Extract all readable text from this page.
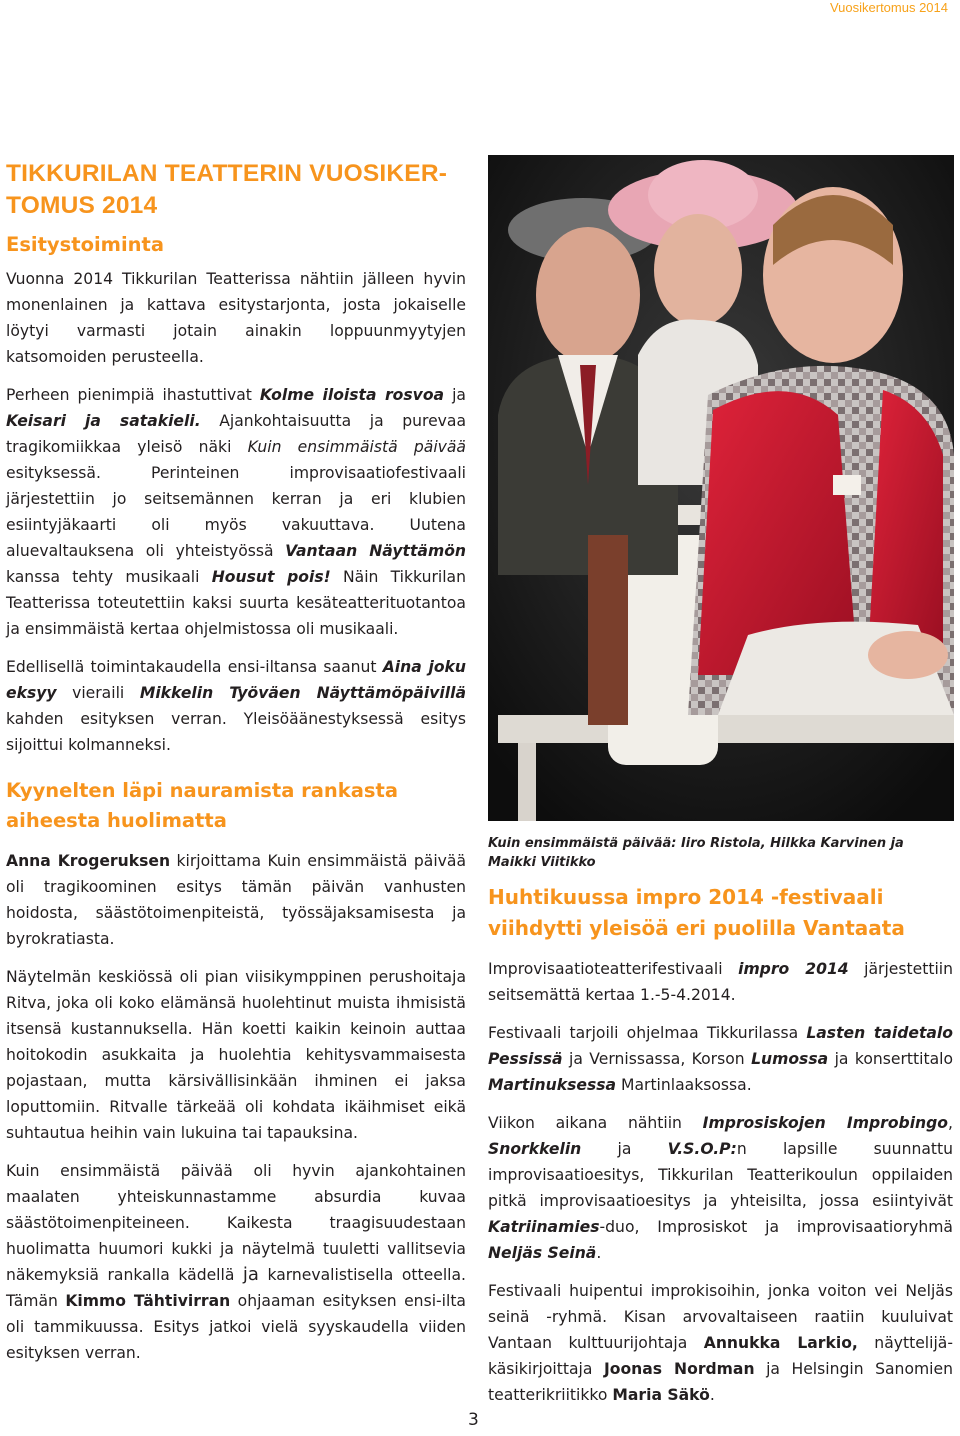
Vuosikertomus 2014
TIKKURILAN TEATTERIN VUOSIKER-
TOMUS 2014
Esitystoiminta

Vuonna 2014 Tikkurilan Teatterissa nähtiin jälleen hyvin monenlainen ja kattava esitystarjonta, josta jokaiselle löytyi varmasti jotain ainakin loppuunmyytyjen katsomoiden perusteella.

Perheen pienimpiä ihastuttivat Kolme iloista rosvoa ja Keisari ja satakieli. Ajankohtaisuutta ja purevaa tragikomiikkaa yleisö näki Kuin ensimmäistä päivää esityksessä. Perinteinen improvisaatiofestivaali järjestettiin jo seitsemännen kerran ja eri klubien esiintyjäkaarti oli myös vakuuttava. Uutena aluevaltauksena oli yhteistyössä Vantaan Näyttämön kanssa tehty musikaali Housut pois! Näin Tikkurilan Teatterissa toteutettiin kaksi suurta kesäteatterituotantoa ja ensimmäistä kertaa ohjelmistossa oli musikaali.

Edellisellä toimintakaudella ensi-iltansa saanut Aina joku eksyy vieraili Mikkelin Työväen Näyttämöpäivillä kahden esityksen verran. Yleisöäänestyksessä esitys sijoittui kolmanneksi.

Kyynelten läpi nauramista rankasta aiheesta huolimatta

Anna Krogeruksen kirjoittama Kuin ensimmäistä päivää oli tragikoominen esitys tämän päivän vanhusten hoidosta, säästötoimenpiteistä, työssäjaksamisesta ja byrokratiasta.

Näytelmän keskiössä oli pian viisikymppinen perushoitaja Ritva, joka oli koko elämänsä huolehtinut muista ihmisistä itsensä kustannuksella. Hän koetti kaikin keinoin auttaa hoitokodin asukkaita ja huolehtia kehitysvammaisesta pojastaan, mutta kärsivällisinkään ihminen ei jaksa loputtomiin. Ritvalle tärkeää oli kohdata ikäihmiset eikä suhtautua heihin vain lukuina tai tapauksina.

Kuin ensimmäistä päivää oli hyvin ajankohtainen maalaten yhteiskunnastamme absurdia kuvaa säästötoimenpiteineen. Kaikesta traagisuudestaan huolimatta huumori kukki ja näytelmä tuuletti vallitsevia näkemyksiä rankalla kädellä ja karnevalistisella otteella. Tämän Kimmo Tähtivirran ohjaaman esityksen ensi-ilta oli tammikuussa. Esitys jatkoi vielä syyskaudella viiden esityksen verran.

Kuin ensimmäistä päivää: Iiro Ristola, Hilkka Karvinen ja Maikki Viitikko

Huhtikuussa impro 2014 -festivaali viihdytti yleisöä eri puolilla Vantaata

Improvisaatioteatterifestivaali impro 2014 järjestettiin seitsemättä kertaa 1.-5-4.2014.

Festivaali tarjoili ohjelmaa Tikkurilassa Lasten taidetalo Pessissä ja Vernissassa, Korson Lumossa ja konserttitalo Martinuksessa Martinlaaksossa.

Viikon aikana nähtiin Improsiskojen Improbingo, Snorkkelin ja V.S.O.P:n lapsille suunnattu improvisaatioesitys, Tikkurilan Teatterikoulun oppilaiden pitkä improvisaatioesitys ja yhteisilta, jossa esiintyivät Katriinamies-duo, Improsiskot ja improvisaatioryhmä Neljäs Seinä.

Festivaali huipentui improkisoihin, jonka voiton vei Neljäs seinä -ryhmä. Kisan arvovaltaiseen raatiin kuuluivat Vantaan kulttuurijohtaja Annukka Larkio, näyttelijä-käsikirjoittaja Joonas Nordman ja Helsingin Sanomien teatterikriitikko Maria Säkö.

3
